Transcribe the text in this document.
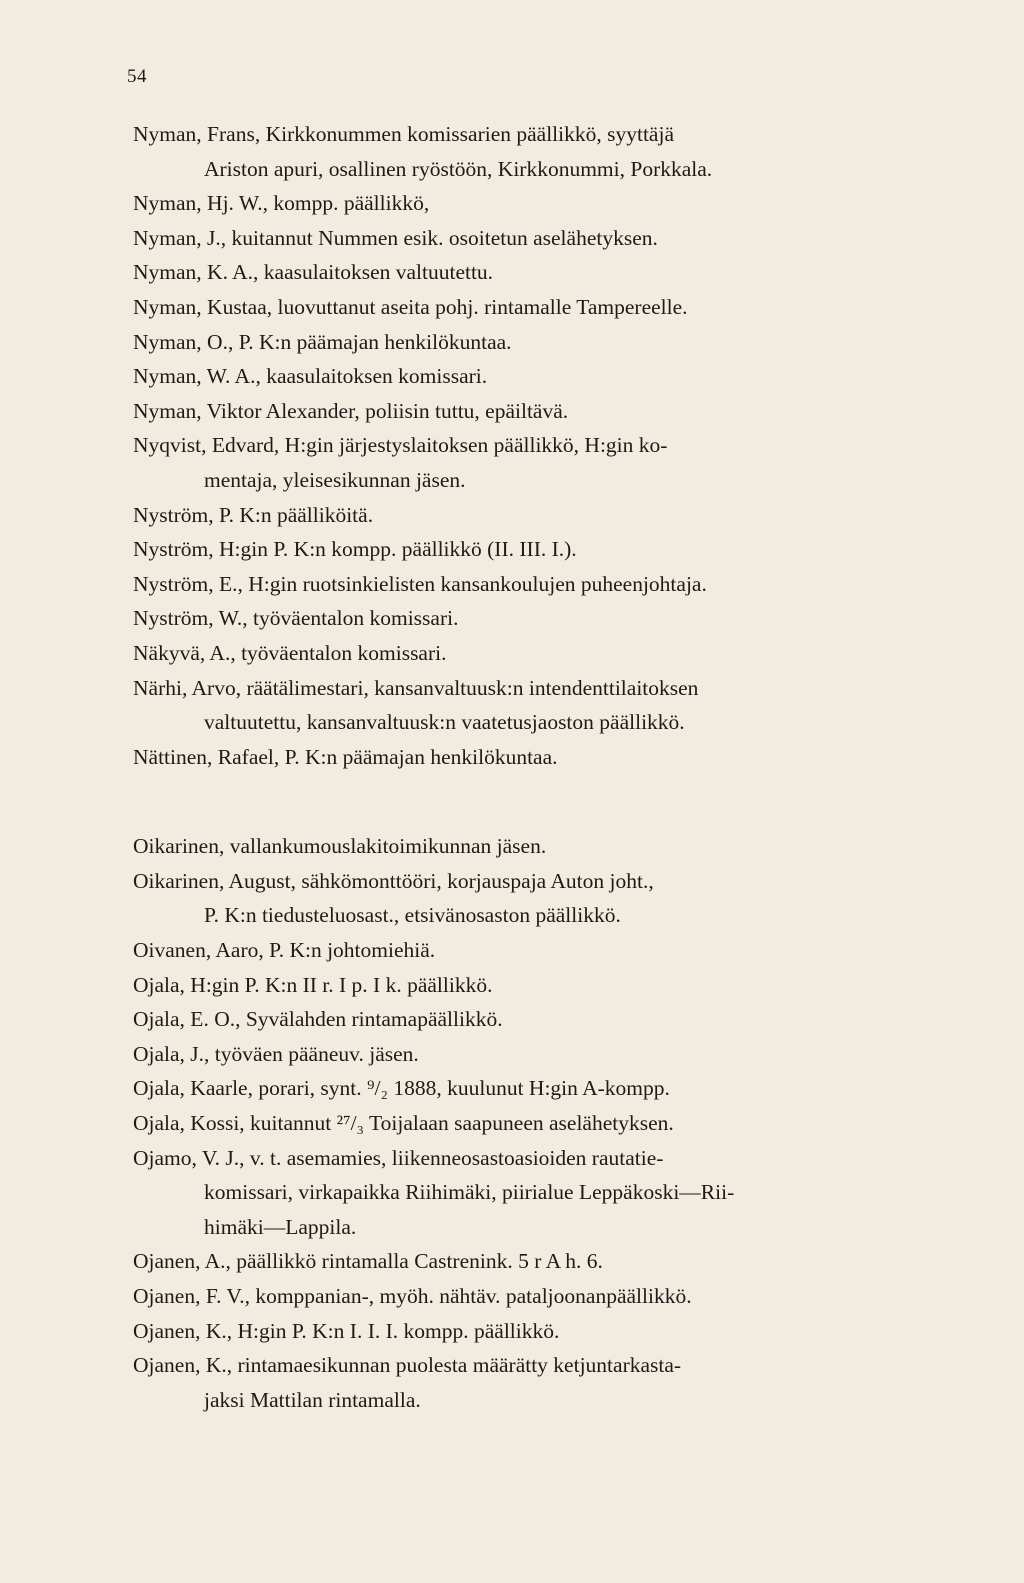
54
Nyman, Frans, Kirkkonummen komissarien päällikkö, syyttäjä
Ariston apuri, osallinen ryöstöön, Kirkkonummi, Porkkala.
Nyman, Hj. W., kompp. päällikkö,
Nyman, J., kuitannut Nummen esik. osoitetun aselähetyksen.
Nyman, K. A., kaasulaitoksen valtuutettu.
Nyman, Kustaa, luovuttanut aseita pohj. rintamalle Tampereelle.
Nyman, O., P. K:n päämajan henkilökuntaa.
Nyman, W. A., kaasulaitoksen komissari.
Nyman, Viktor Alexander, poliisin tuttu, epäiltävä.
Nyqvist, Edvard, H:gin järjestyslaitoksen päällikkö, H:gin ko-
mentaja, yleisesikunnan jäsen.
Nyström, P. K:n päälliköitä.
Nyström, H:gin P. K:n kompp. päällikkö (II. III. I.).
Nyström, E., H:gin ruotsinkielisten kansankoulujen puheenjohtaja.
Nyström, W., työväentalon komissari.
Näkyvä, A., työväentalon komissari.
Närhi, Arvo, räätälimestari, kansanvaltuusk:n intendenttilaitoksen
valtuutettu, kansanvaltuusk:n vaatetusjaoston päällikkö.
Nättinen, Rafael, P. K:n päämajan henkilökuntaa.
Oikarinen, vallankumouslakitoimikunnan jäsen.
Oikarinen, August, sähkömonttööri, korjauspaja Auton joht.,
P. K:n tiedusteluosast., etsivänosaston päällikkö.
Oivanen, Aaro, P. K:n johtomiehiä.
Ojala, H:gin P. K:n II r. I p. I k. päällikkö.
Ojala, E. O., Syvälahden rintamapäällikkö.
Ojala, J., työväen pääneuv. jäsen.
Ojala, Kaarle, porari, synt. ⁹/₂ 1888, kuulunut H:gin A-kompp.
Ojala, Kossi, kuitannut ²⁷/₃ Toijalaan saapuneen aselähetyksen.
Ojamo, V. J., v. t. asemamies, liikenneosastoasioiden rautatie-
komissari, virkapaikka Riihimäki, piirialue Leppäkoski—Rii-
himäki—Lappila.
Ojanen, A., päällikkö rintamalla Castrenink. 5 r A h. 6.
Ojanen, F. V., komppanian-, myöh. nähtäv. pataljoonanpäällikkö.
Ojanen, K., H:gin P. K:n I. I. I. kompp. päällikkö.
Ojanen, K., rintamaesikunnan puolesta määrätty ketjuntarkasta-
jaksi Mattilan rintamalla.
